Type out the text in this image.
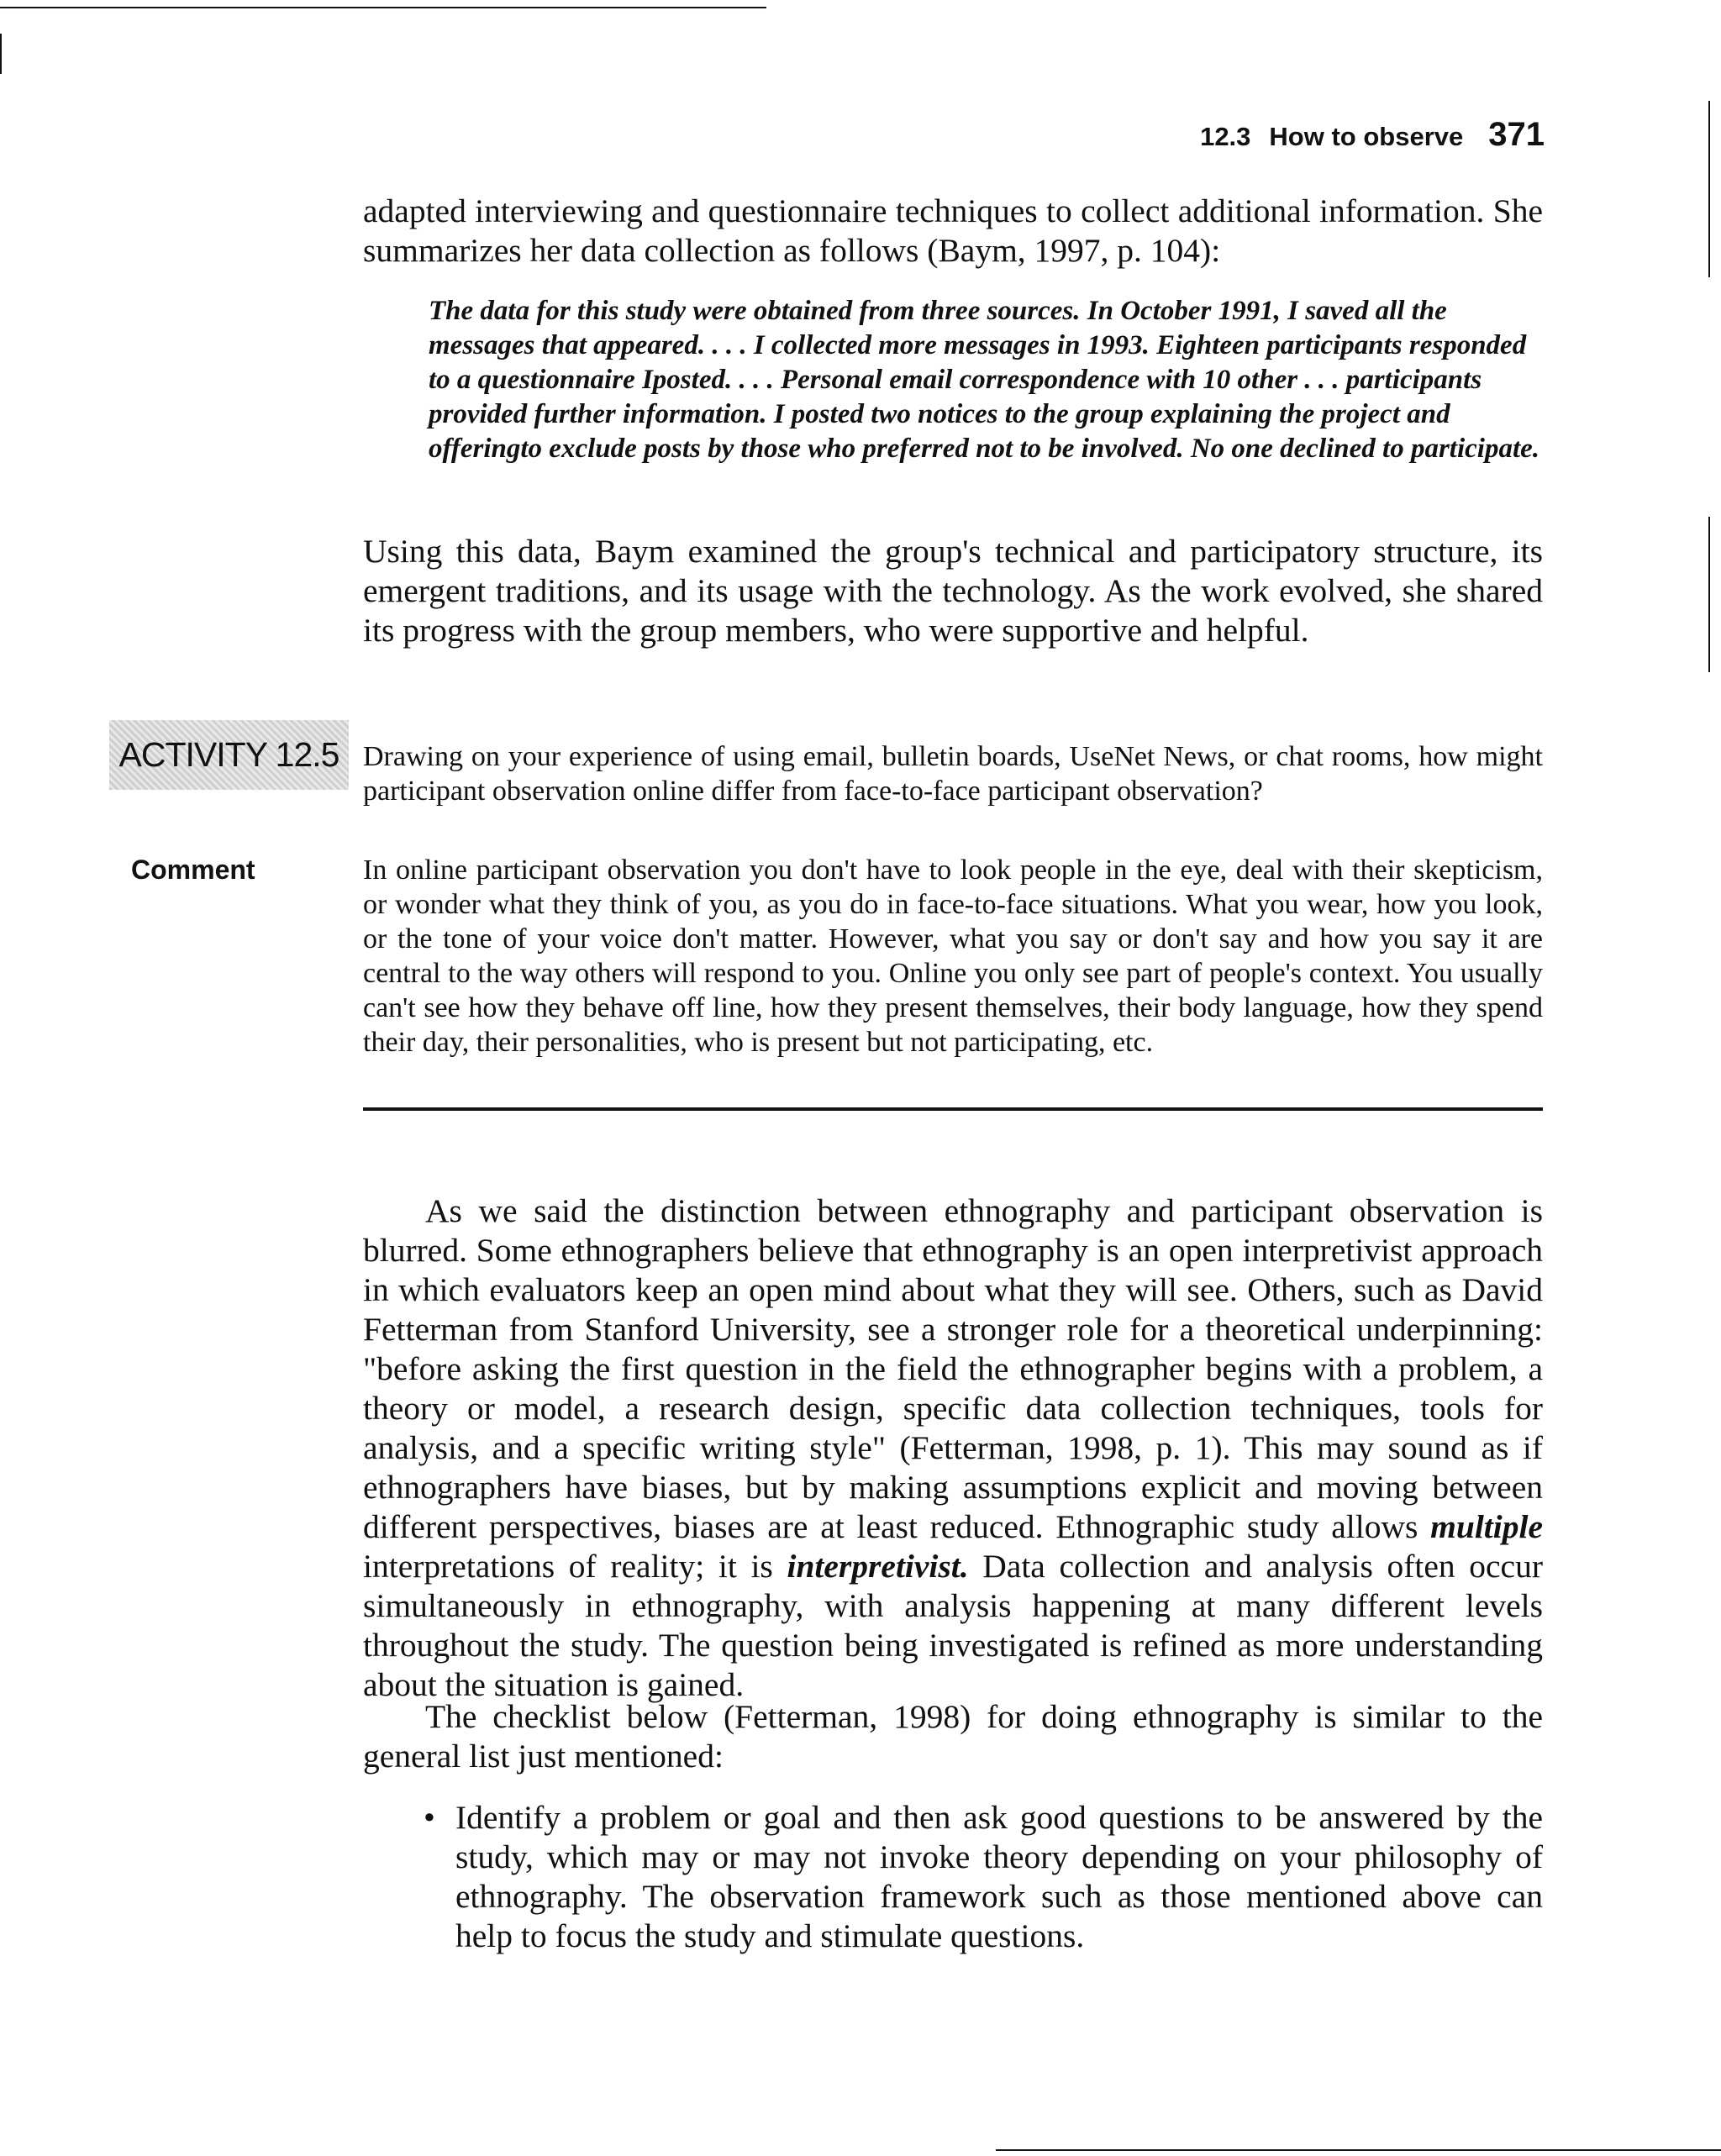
12.3 How to observe 371

adapted interviewing and questionnaire techniques to collect additional information. She summarizes her data collection as follows (Baym, 1997, p. 104):

The data for this study were obtained from three sources. In October 1991, I saved all the messages that appeared. . . . I collected more messages in 1993. Eighteen participants responded to a questionnaire Iposted. . . . Personal email correspondence with 10 other . . . participants provided further information. I posted two notices to the group explaining the project and offeringto exclude posts by those who preferred not to be involved. No one declined to participate.

Using this data, Baym examined the group's technical and participatory structure, its emergent traditions, and its usage with the technology. As the work evolved, she shared its progress with the group members, who were supportive and helpful.

ACTIVITY 12.5 Drawing on your experience of using email, bulletin boards, UseNet News, or chat rooms, how might participant observation online differ from face-to-face participant observation?

Comment	In online participant observation you don't have to look people in the eye, deal with their skepticism, or wonder what they think of you, as you do in face-to-face situations. What you wear, how you look, or the tone of your voice don't matter. However, what you say or don't say and how you say it are central to the way others will respond to you. Online you only see part of people's context. You usually can't see how they behave off line, how they present themselves, their body language, how they spend their day, their personalities, who is present but not participating, etc.

As we said the distinction between ethnography and participant observation is blurred. Some ethnographers believe that ethnography is an open interpretivist approach in which evaluators keep an open mind about what they will see. Others, such as David Fetterman from Stanford University, see a stronger role for a theoretical underpinning: "before asking the first question in the field the ethnographer begins with a problem, a theory or model, a research design, specific data collection techniques, tools for analysis, and a specific writing style" (Fetterman, 1998, p. 1). This may sound as if ethnographers have biases, but by making assumptions explicit and moving between different perspectives, biases are at least reduced. Ethnographic study allows multiple interpretations of reality; it is interpretivist. Data collection and analysis often occur simultaneously in ethnography, with analysis happening at many different levels throughout the study. The question being investigated is refined as more understanding about the situation is gained.

The checklist below (Fetterman, 1998) for doing ethnography is similar to the general list just mentioned:

• Identify a problem or goal and then ask good questions to be answered by the study, which may or may not invoke theory depending on your philosophy of ethnography. The observation framework such as those mentioned above can help to focus the study and stimulate questions.
